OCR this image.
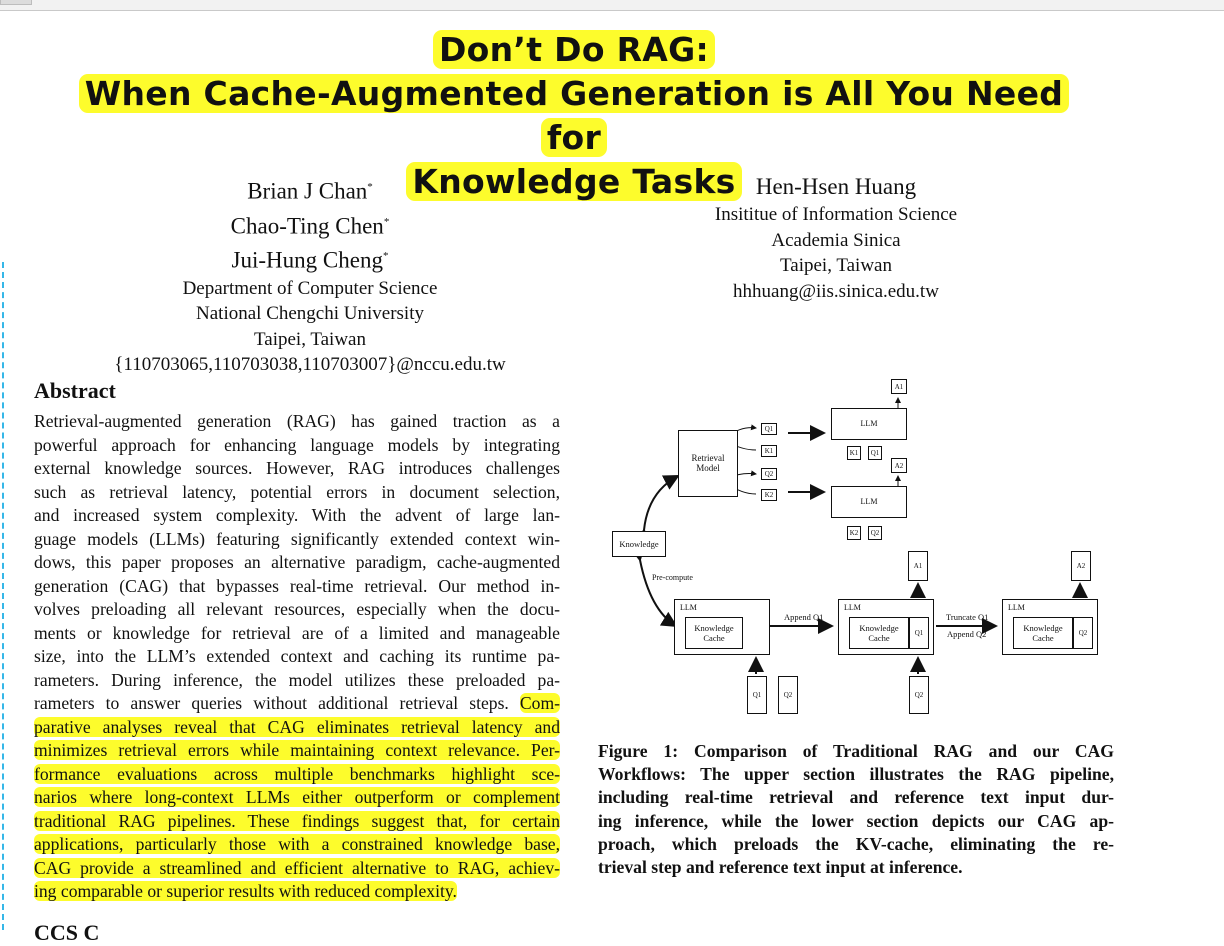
Don’t Do RAG:
When Cache-Augmented Generation is All You Need for
Knowledge Tasks
Brian J Chan*
Chao-Ting Chen*
Jui-Hung Cheng*
Department of Computer Science
National Chengchi University
Taipei, Taiwan
{110703065,110703038,110703007}@nccu.edu.tw
Hen-Hsen Huang
Insititue of Information Science
Academia Sinica
Taipei, Taiwan
hhhuang@iis.sinica.edu.tw
Abstract
Retrieval-augmented generation (RAG) has gained traction as a
powerful approach for enhancing language models by integrating
external knowledge sources. However, RAG introduces challenges
such as retrieval latency, potential errors in document selection,
and increased system complexity. With the advent of large lan-
guage models (LLMs) featuring significantly extended context win-
dows, this paper proposes an alternative paradigm, cache-augmented
generation (CAG) that bypasses real-time retrieval. Our method in-
volves preloading all relevant resources, especially when the docu-
ments or knowledge for retrieval are of a limited and manageable
size, into the LLM’s extended context and caching its runtime pa-
rameters. During inference, the model utilizes these preloaded pa-
rameters to answer queries without additional retrieval steps. Com-
parative analyses reveal that CAG eliminates retrieval latency and
minimizes retrieval errors while maintaining context relevance. Per-
formance evaluations across multiple benchmarks highlight sce-
narios where long-context LLMs either outperform or complement
traditional RAG pipelines. These findings suggest that, for certain
applications, particularly those with a constrained knowledge base,
CAG provide a streamlined and efficient alternative to RAG, achiev-
ing comparable or superior results with reduced complexity.
CCS C
Retrieval
Model
Q1
K1
Q2
K2
LLM
LLM
A1
A2
K1	Q1
K2	Q2
Knowledge
Pre-compute
LLM
Knowledge
Cache
Append Q1
LLM
Knowledge
Cache	Q1
Truncate Q1
Append Q2
LLM
Knowledge
Cache	Q2
A1	A2
Q1	Q2	Q2
Figure 1: Comparison of Traditional RAG and our CAG
Workflows: The upper section illustrates the RAG pipeline,
including real-time retrieval and reference text input dur-
ing inference, while the lower section depicts our CAG ap-
proach, which preloads the KV-cache, eliminating the re-
trieval step and reference text input at inference.
